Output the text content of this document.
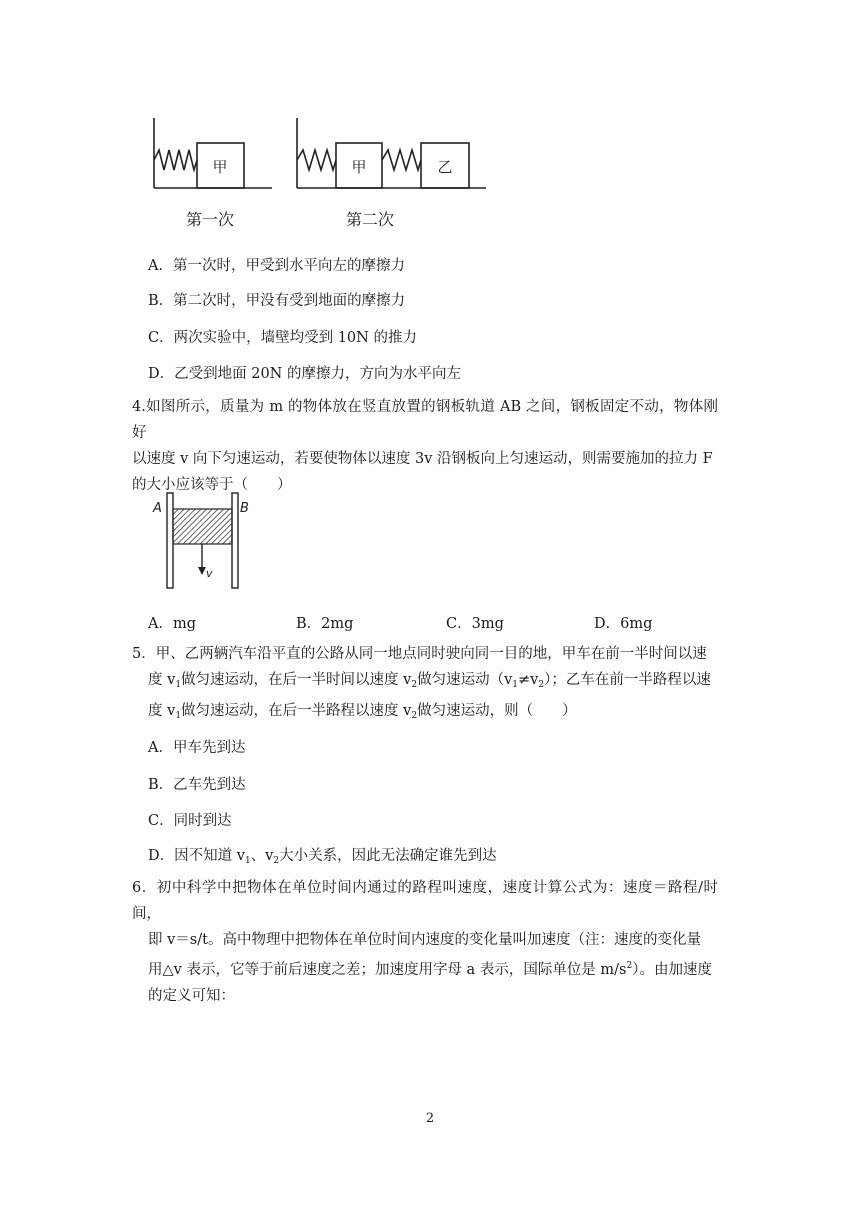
甲	甲	乙
第一次	第二次
A．第一次时，甲受到水平向左的摩擦力
B．第二次时，甲没有受到地面的摩擦力
C．两次实验中，墙壁均受到 10N 的推力
D．乙受到地面 20N 的摩擦力，方向为水平向左
4.如图所示，质量为 m 的物体放在竖直放置的钢板轨道 AB 之间，钢板固定不动，物体刚好
以速度 v 向下匀速运动，若要使物体以速度 3v 沿钢板向上匀速运动，则需要施加的拉力 F
的大小应该等于（　　）
A	B
v
A．mg	B．2mg	C．3mg	D．6mg
5．甲、乙两辆汽车沿平直的公路从同一地点同时驶向同一目的地，甲车在前一半时间以速
度 $v_1$做匀速运动，在后一半时间以速度 $v_2$做匀速运动$(v_1\ne v_2)$；乙车在前一半路程以速
度 $v_1$做匀速运动，在后一半路程以速度 $v_2$做匀速运动，则（　　）
A．甲车先到达
B．乙车先到达
C．同时到达
D．因不知道 $v_1$、$v_2$大小关系，因此无法确定谁先到达
6．初中科学中把物体在单位时间内通过的路程叫速度，速度计算公式为：速度＝路程/时间，
即 v＝s/t。高中物理中把物体在单位时间内速度的变化量叫加速度（注：速度的变化量
用△v 表示，它等于前后速度之差；加速度用字母 a 表示，国际单位是 $m/s^2$）。由加速度
的定义可知：
2
